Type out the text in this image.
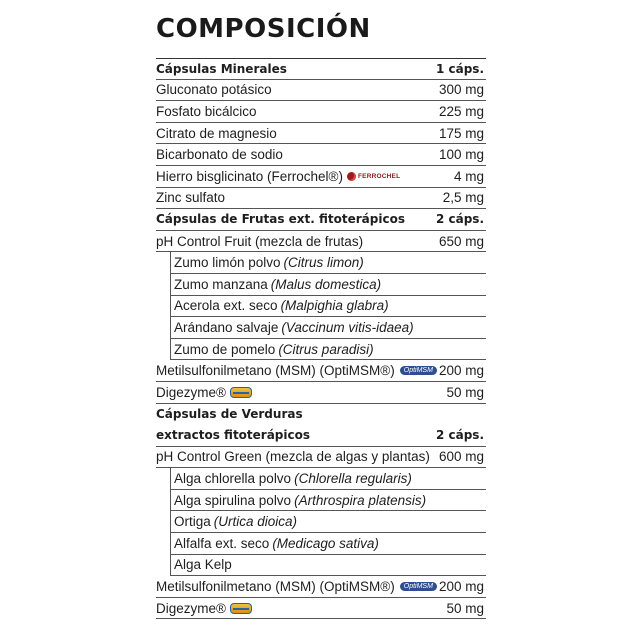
COMPOSICIÓN
Cápsulas Minerales	1 cáps.
Gluconato potásico	300 mg
Fosfato bicálcico	225 mg
Citrato de magnesio	175 mg
Bicarbonato de sodio	100 mg
Hierro bisglicinato (Ferrochel®) FERROCHEL	4 mg
Zinc sulfato	2,5 mg
Cápsulas de Frutas ext. fitoterápicos	2 cáps.
pH Control Fruit (mezcla de frutas)	650 mg
Zumo limón polvo (Citrus limon)
Zumo manzana (Malus domestica)
Acerola ext. seco (Malpighia glabra)
Arándano salvaje (Vaccinum vitis-idaea)
Zumo de pomelo (Citrus paradisi)
Metilsulfonilmetano (MSM) (OptiMSM®)	OptiMSM 200 mg
Digezyme®	50 mg
Cápsulas de Verduras
extractos fitoterápicos	2 cáps.
pH Control Green (mezcla de algas y plantas) 600 mg
Alga chlorella polvo (Chlorella regularis)
Alga spirulina polvo (Arthrospira platensis)
Ortiga (Urtica dioica)
Alfalfa ext. seco (Medicago sativa)
Alga Kelp
Metilsulfonilmetano (MSM) (OptiMSM®)	OptiMSM 200 mg
Digezyme®	50 mg
